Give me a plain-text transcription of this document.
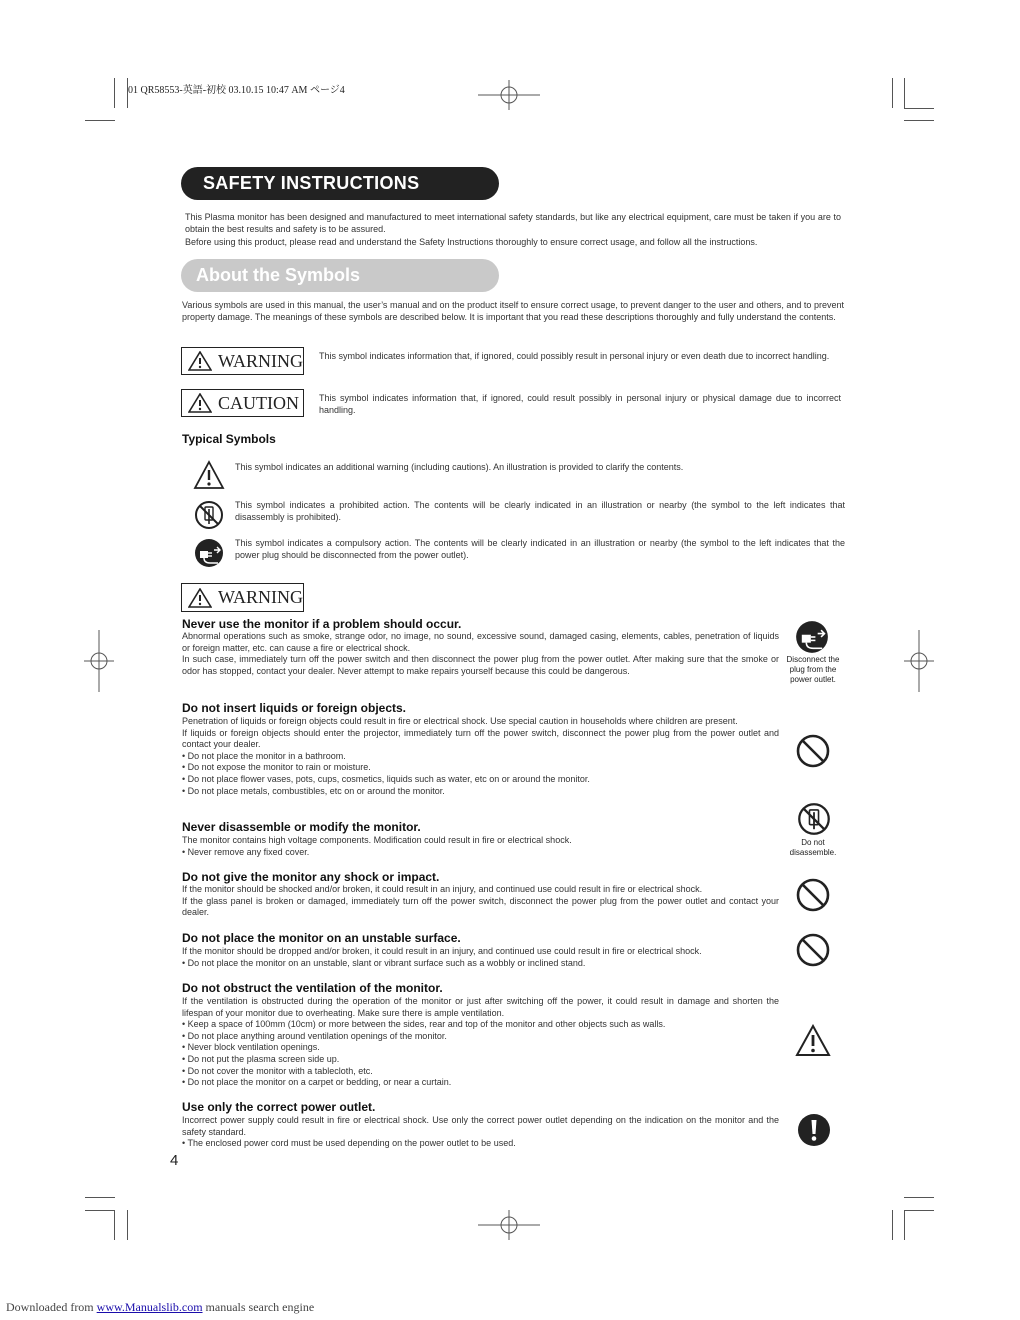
01 QR58553-英語-初校 03.10.15 10:47 AM ページ4
SAFETY INSTRUCTIONS

This Plasma monitor has been designed and manufactured to meet international safety standards, but like any electrical equipment, care must be taken if you are to obtain the best results and safety is to be assured.

Before using this product, please read and understand the Safety Instructions thoroughly to ensure correct usage, and follow all the instructions.

About the Symbols
Various symbols are used in this manual, the user’s manual and on the product itself to ensure correct usage, to prevent danger to the user and others, and to prevent property damage. The meanings of these symbols are described below. It is important that you read these descriptions thoroughly and fully understand the contents.
WARNING This symbol indicates information that, if ignored, could possibly result in personal injury or even death due to incorrect handling.
CAUTION This symbol indicates information that, if ignored, could result possibly in personal injury or physical damage due to incorrect handling.
Typical Symbols
This symbol indicates an additional warning (including cautions). An illustration is provided to clarify the contents.
This symbol indicates a prohibited action. The contents will be clearly indicated in an illustration or nearby (the symbol to the left indicates that disassembly is prohibited).
This symbol indicates a compulsory action. The contents will be clearly indicated in an illustration or nearby (the symbol to the left indicates that the power plug should be disconnected from the power outlet).
WARNING
Never use the monitor if a problem should occur.

Abnormal operations such as smoke, strange odor, no image, no sound, excessive sound, damaged casing, elements, cables, penetration of liquids or foreign matter, etc. can cause a fire or electrical shock.

In such case, immediately turn off the power switch and then disconnect the power plug from the power outlet. After making sure that the smoke or odor has stopped, contact your dealer. Never attempt to make repairs yourself because this could be dangerous.

Disconnect the plug from the power outlet.
Do not insert liquids or foreign objects.

Penetration of liquids or foreign objects could result in fire or electrical shock. Use special caution in households where children are present.

If liquids or foreign objects should enter the projector, immediately turn off the power switch, disconnect the power plug from the power outlet and contact your dealer.

• Do not place the monitor in a bathroom.

• Do not expose the monitor to rain or moisture.

• Do not place flower vases, pots, cups, cosmetics, liquids such as water, etc on or around the monitor.

• Do not place metals, combustibles, etc on or around the monitor.

Never disassemble or modify the monitor.

The monitor contains high voltage components. Modification could result in fire or electrical shock.

• Never remove any fixed cover.

Do not disassemble.
Do not give the monitor any shock or impact.

If the monitor should be shocked and/or broken, it could result in an injury, and continued use could result in fire or electrical shock.

If the glass panel is broken or damaged, immediately turn off the power switch, disconnect the power plug from the power outlet and contact your dealer.

Do not place the monitor on an unstable surface.

If the monitor should be dropped and/or broken, it could result in an injury, and continued use could result in fire or electrical shock.

• Do not place the monitor on an unstable, slant or vibrant surface such as a wobbly or inclined stand.

Do not obstruct the ventilation of the monitor.

If the ventilation is obstructed during the operation of the monitor or just after switching off the power, it could result in damage and shorten the lifespan of your monitor due to overheating. Make sure there is ample ventilation.

• Keep a space of 100mm (10cm) or more between the sides, rear and top of the monitor and other objects such as walls.

• Do not place anything around ventilation openings of the monitor.

• Never block ventilation openings.

• Do not put the plasma screen side up.

• Do not cover the monitor with a tablecloth, etc.

• Do not place the monitor on a carpet or bedding, or near a curtain.

Use only the correct power outlet.

Incorrect power supply could result in fire or electrical shock. Use only the correct power outlet depending on the indication on the monitor and the safety standard.

• The enclosed power cord must be used depending on the power outlet to be used.

4
Downloaded from www.Manualslib.com manuals search engine
